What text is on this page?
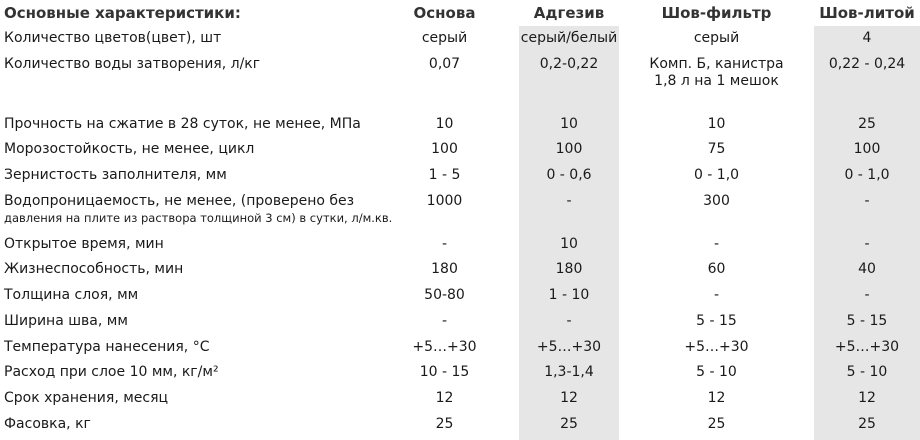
Основные характеристики:	Основа	Адгезив	Шов-фильтр	Шов-литой

Количество цветов(цвет), шт	серый	серый/белый	серый	4

Количество воды затворения, л/кг	0,07	0,2-0,22	Комп. Б, канистра 1,8 л на 1 мешок	0,22 - 0,24

Прочность на сжатие в 28 суток, не менее, МПа	10	10	10	25

Морозостойкость, не менее, цикл	100	100	75	100

Зернистость заполнителя, мм	1 - 5	0 - 0,6	0 - 1,0	0 - 1,0

Водопроницаемость, не менее, (проверено без
давления на плите из раствора толщиной 3 см) в сутки, л/м.кв.	1000	-	300	-

Открытое время, мин	-	10	-	-

Жизнеспособность, мин	180	180	60	40

Толщина слоя, мм	50-80	1 - 10	-	-

Ширина шва, мм	-	-	5 - 15	5 - 15

Температура нанесения, °С	+5…+30	+5…+30	+5…+30	+5…+30

Расход при слое 10 мм, кг/м²	10 - 15	1,3-1,4	5 - 10	5 - 10

Срок хранения, месяц	12	12	12	12

Фасовка, кг	25	25	25	25
